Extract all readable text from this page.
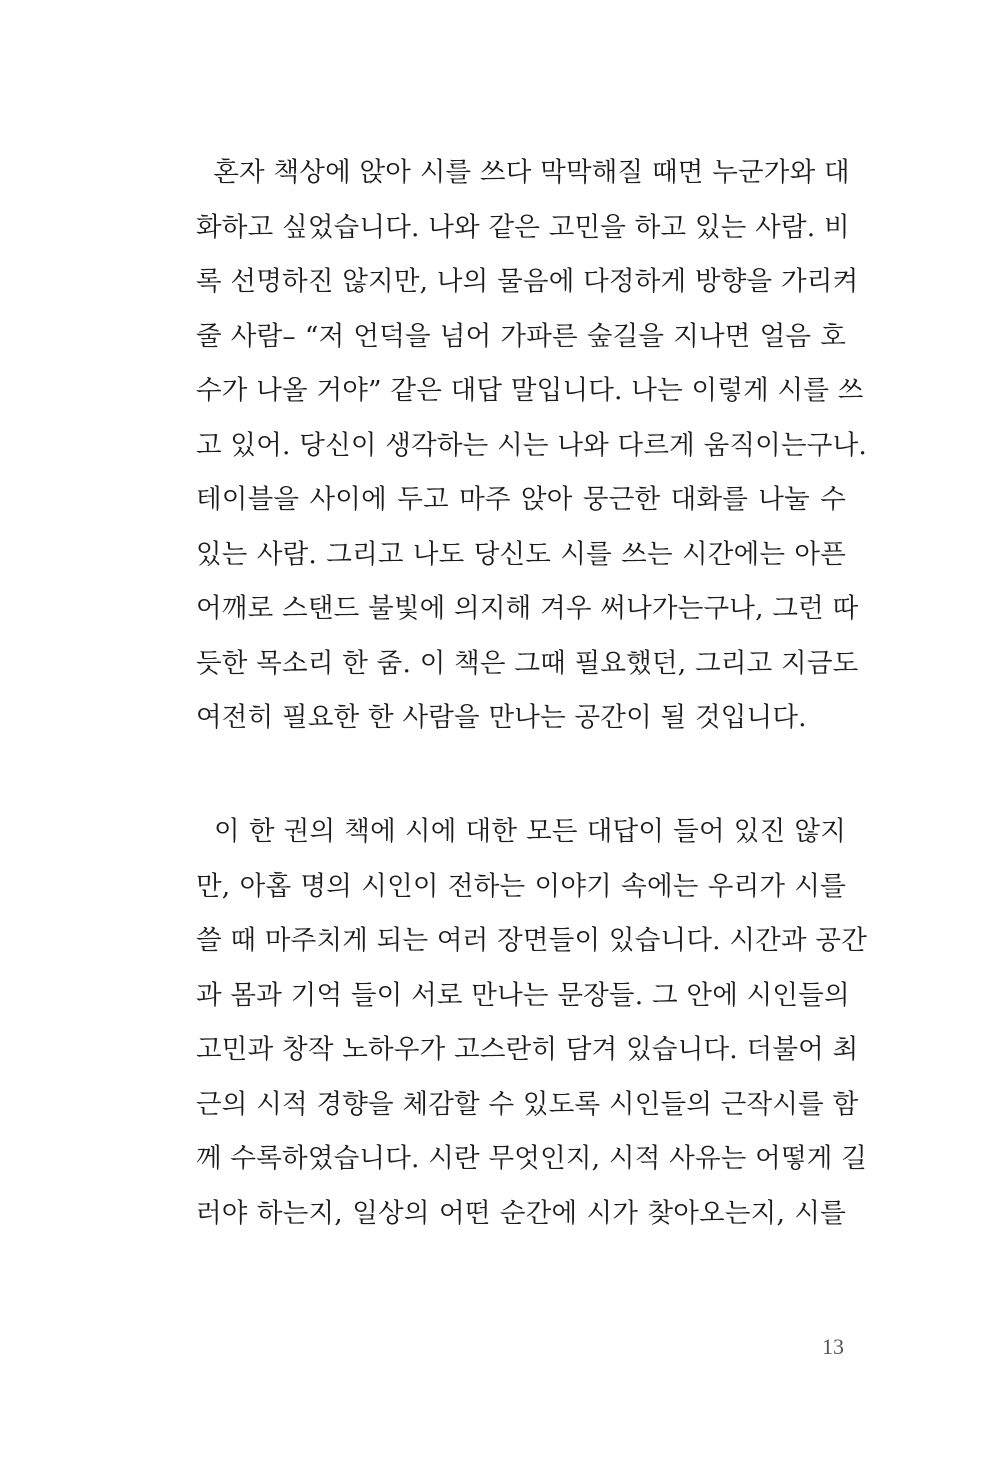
혼자 책상에 앉아 시를 쓰다 막막해질 때면 누군가와 대
화하고 싶었습니다. 나와 같은 고민을 하고 있는 사람. 비
록 선명하진 않지만, 나의 물음에 다정하게 방향을 가리켜
줄 사람– “저 언덕을 넘어 가파른 숲길을 지나면 얼음 호
수가 나올 거야” 같은 대답 말입니다. 나는 이렇게 시를 쓰
고 있어. 당신이 생각하는 시는 나와 다르게 움직이는구나.
테이블을 사이에 두고 마주 앉아 뭉근한 대화를 나눌 수
있는 사람. 그리고 나도 당신도 시를 쓰는 시간에는 아픈
어깨로 스탠드 불빛에 의지해 겨우 써나가는구나, 그런 따
듯한 목소리 한 줌. 이 책은 그때 필요했던, 그리고 지금도
여전히 필요한 한 사람을 만나는 공간이 될 것입니다.
이 한 권의 책에 시에 대한 모든 대답이 들어 있진 않지
만, 아홉 명의 시인이 전하는 이야기 속에는 우리가 시를
쓸 때 마주치게 되는 여러 장면들이 있습니다. 시간과 공간
과 몸과 기억 들이 서로 만나는 문장들. 그 안에 시인들의
고민과 창작 노하우가 고스란히 담겨 있습니다. 더불어 최
근의 시적 경향을 체감할 수 있도록 시인들의 근작시를 함
께 수록하였습니다. 시란 무엇인지, 시적 사유는 어떻게 길
러야 하는지, 일상의 어떤 순간에 시가 찾아오는지, 시를
13
